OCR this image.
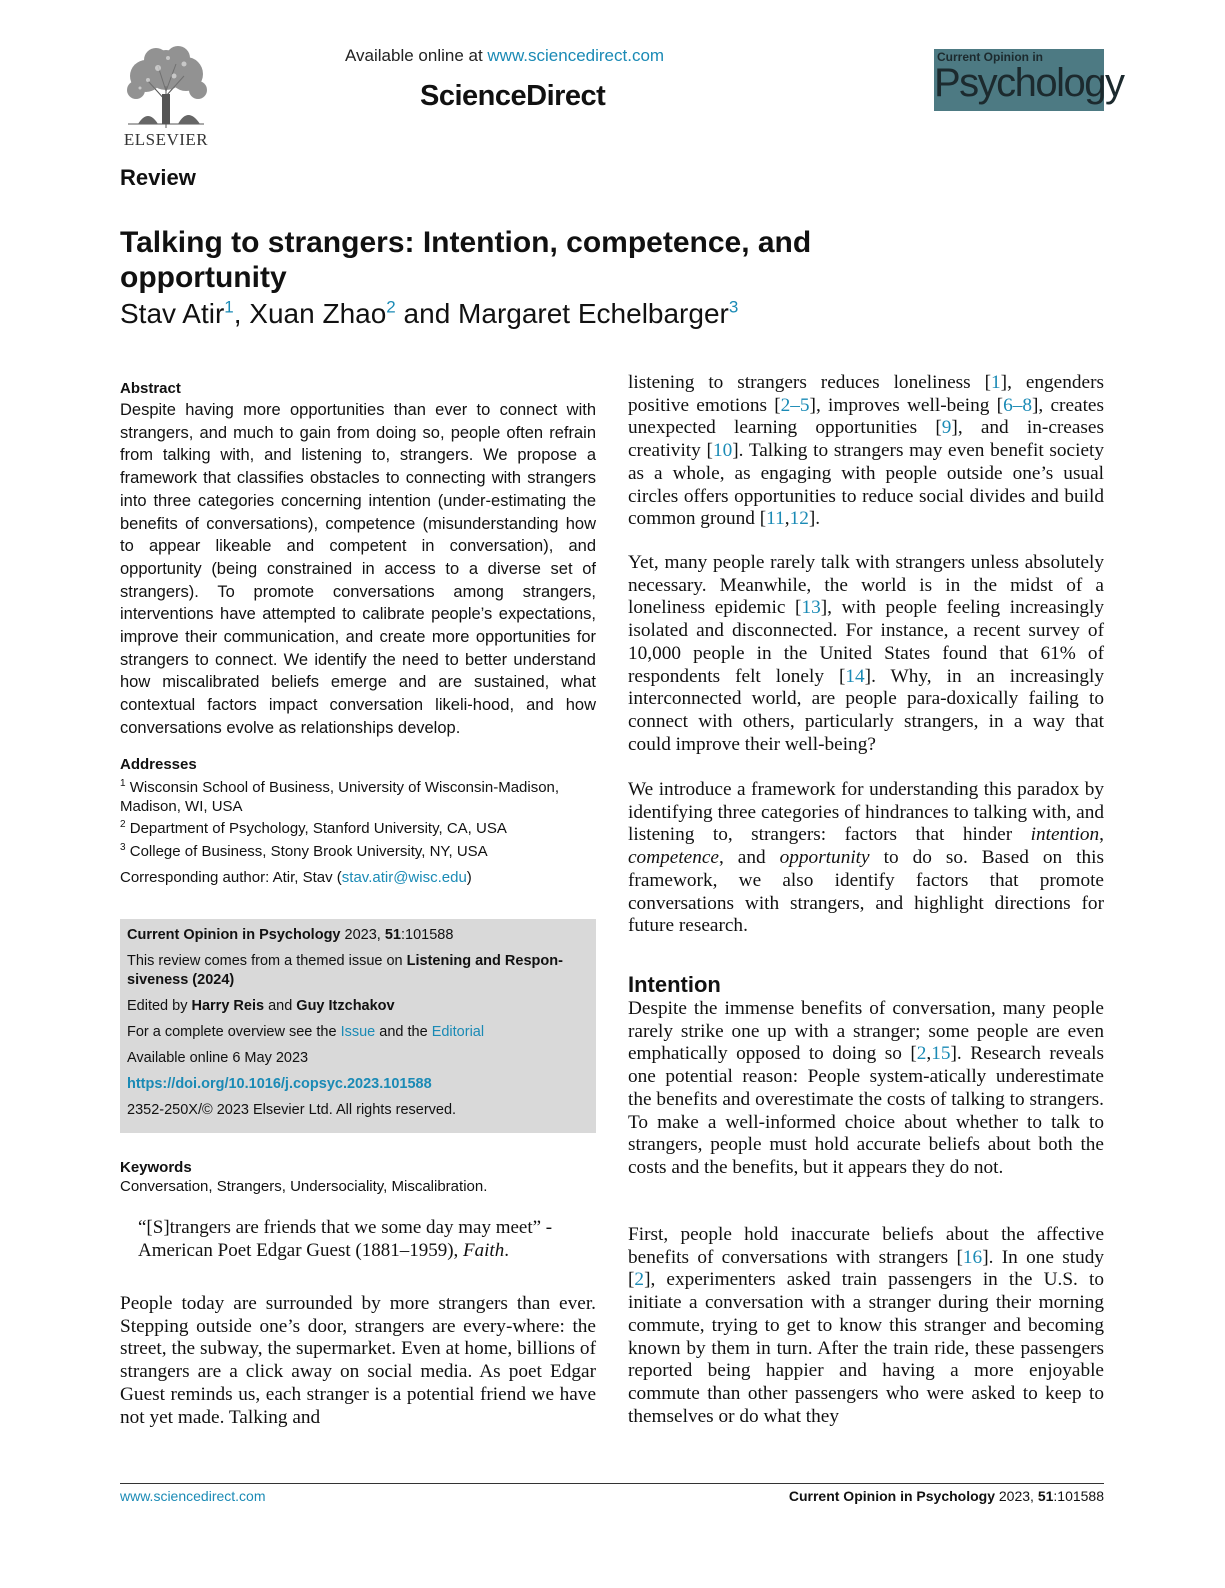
ELSEVIER
Available online at www.sciencedirect.com
ScienceDirect
Current Opinion in
Psychology
Review
Talking to strangers: Intention, competence, and opportunity
Stav Atir$^1$, Xuan Zhao$^2$ and Margaret Echelbarger$^3$
Abstract

Despite having more opportunities than ever to connect with strangers, and much to gain from doing so, people often refrain from talking with, and listening to, strangers. We propose a framework that classifies obstacles to connecting with strangers into three categories concerning intention (under-estimating the benefits of conversations), competence (misunderstanding how to appear likeable and competent in conversation), and opportunity (being constrained in access to a diverse set of strangers). To promote conversations among strangers, interventions have attempted to calibrate people’s expectations, improve their communication, and create more opportunities for strangers to connect. We identify the need to better understand how miscalibrated beliefs emerge and are sustained, what contextual factors impact conversation likeli-hood, and how conversations evolve as relationships develop.

Addresses
$^1$ Wisconsin School of Business, University of Wisconsin-Madison, Madison, WI, USA
$^2$ Department of Psychology, Stanford University, CA, USA
$^3$ College of Business, Stony Brook University, NY, USA
Corresponding author: Atir, Stav (stav.atir@wisc.edu)
Current Opinion in Psychology 2023, 51:101588
This review comes from a themed issue on Listening and Respon-siveness (2024)
Edited by Harry Reis and Guy Itzchakov
For a complete overview see the Issue and the Editorial
Available online 6 May 2023
https://doi.org/10.1016/j.copsyc.2023.101588
2352-250X/© 2023 Elsevier Ltd. All rights reserved.
Keywords
Conversation, Strangers, Undersociality, Miscalibration.
“[S]trangers are friends that we some day may meet” - American Poet Edgar Guest (1881–1959), Faith.

People today are surrounded by more strangers than ever. Stepping outside one’s door, strangers are every-where: the street, the subway, the supermarket. Even at home, billions of strangers are a click away on social media. As poet Edgar Guest reminds us, each stranger is a potential friend we have not yet made. Talking and

listening to strangers reduces loneliness [1], engenders positive emotions [2–5], improves well-being [6–8], creates unexpected learning opportunities [9], and in-creases creativity [10]. Talking to strangers may even benefit society as a whole, as engaging with people outside one’s usual circles offers opportunities to reduce social divides and build common ground [11,12].

Yet, many people rarely talk with strangers unless absolutely necessary. Meanwhile, the world is in the midst of a loneliness epidemic [13], with people feeling increasingly isolated and disconnected. For instance, a recent survey of 10,000 people in the United States found that 61% of respondents felt lonely [14]. Why, in an increasingly interconnected world, are people para-doxically failing to connect with others, particularly strangers, in a way that could improve their well-being?

We introduce a framework for understanding this paradox by identifying three categories of hindrances to talking with, and listening to, strangers: factors that hinder intention, competence, and opportunity to do so. Based on this framework, we also identify factors that promote conversations with strangers, and highlight directions for future research.

Intention

Despite the immense benefits of conversation, many people rarely strike one up with a stranger; some people are even emphatically opposed to doing so [2,15]. Research reveals one potential reason: People system-atically underestimate the benefits and overestimate the costs of talking to strangers. To make a well-informed choice about whether to talk to strangers, people must hold accurate beliefs about both the costs and the benefits, but it appears they do not.

First, people hold inaccurate beliefs about the affective benefits of conversations with strangers [16]. In one study [2], experimenters asked train passengers in the U.S. to initiate a conversation with a stranger during their morning commute, trying to get to know this stranger and becoming known by them in turn. After the train ride, these passengers reported being happier and having a more enjoyable commute than other passengers who were asked to keep to themselves or do what they

www.sciencedirect.com	Current Opinion in Psychology 2023, 51:101588
